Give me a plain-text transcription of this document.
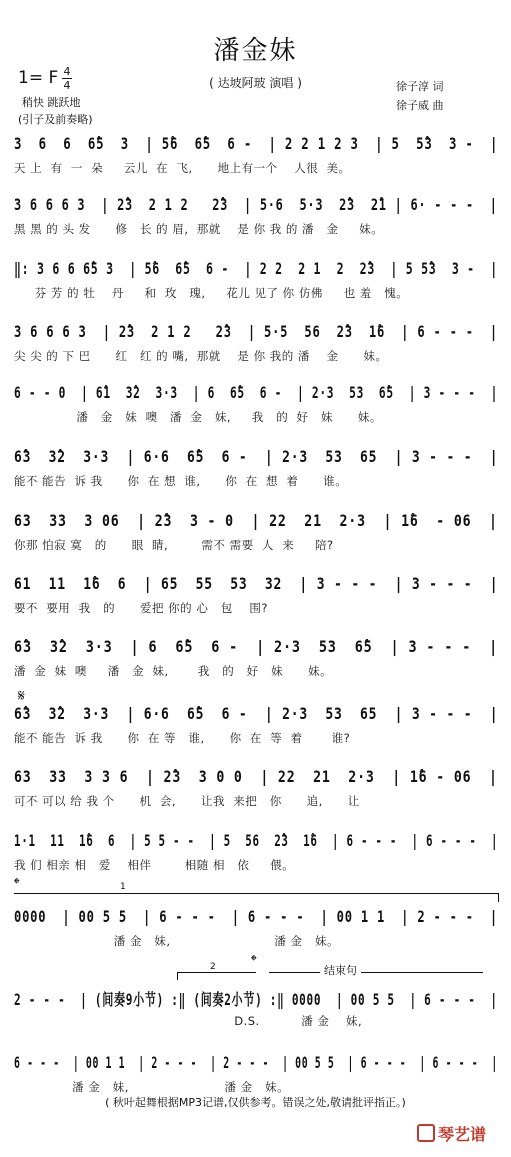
潘金妹
1= F 4
4	( 达坡阿玻 演唱 )	徐子淳 词
徐子威 曲
稍快 跳跃地
(引子及前奏略)
3  6  6  6̂5  3  | 5̂6  6̂5  6 -  | 2 2 1 2 3  | 5  5̂3  3 -  |
天 上  有  一  朵     云儿  在  飞,      地上有一个    人很  美。
3 6 6 6 3  | 2̂3  2 1 2   2̂3  | 5·6  5·3  2̂3  2̂1 | 6· - - -  |
黑 黑 的 头 发      修   长 的 眉,  那就    是 你 我 的 潘   金     妹。
‖: 3 6 6 6̂5 3  | 5̂6  6̂5  6 -  | 2 2  2 1  2  2̂3  | 5 5̂3  3 -  |
芬 芳 的 牡    丹     和  玫   瑰,     花儿 见了 你 仿佛     也 羞   愧。
3 6 6 6 3  | 2̂3  2 1 2   2̂3  | 5·5  56  2̂3  1̂6  | 6 - - -  |
尖 尖 的 下 巴      红   红 的 嘴,  那就    是 你 我的 潘    金      妹。
6 - - 0  | 6̂1  3̂2  3·3  | 6  6̂5  6 -  | 2·3  53  6̂5  | 3 - - -  |
潘   金   妹  噢   潘  金   妹,     我   的  好   妹      妹。
6̂3  3̂2  3·3  | 6·6  6̂5  6 -  | 2·3  53  65  | 3 - - -  |
能不 能告  诉 我      你  在 想  谁,      你  在  想  着      谁。
63  33  3 06  | 2̂3  3 - 0  | 22  21  2·3  | 1̂6  - 06  |
你那 怕寂 寞   的      眼  睛,        需不 需要  人  来     陪?
61  11  1̂6  6  | 65  55  53  32  | 3 - - -  | 3 - - -  |
要不  要用  我   的      爱把 你的 心   包    围?
6̂3  3̂2  3·3  | 6  6̂5  6 -  | 2·3  53  6̂5  | 3 - - -  |
潘  金  妹  噢     潘   金  妹,       我   的   好   妹      妹。
6̂3  3̂2  3·3  | 6·6  6̂5  6 -  | 2·3  53  65  | 3 - - -  |
能不 能告  诉 我      你  在 等   谁,      你  在  等  着       谁?
63  33  3 3 6  | 2̂3  3 0 0  | 22  21  2·3  | 1̂6 - 06  |
可不 可以 给 我 个      机  会,      让我  来把   你      追,      让
1·1  11  1̂6  6  | 5 5 - -  | 5  56  2̂3  1̂6  | 6 - - -  | 6 - - -  |
我 们 相亲 相   爱    相伴        相随 相   依     偎。
0000  | 00 5 5  | 6 - - -  | 6 - - -  | 00 1 1  | 2 - - -  |
潘 金   妹,                         潘 金   妹。
2 - - -  | (间奏9小节) :‖ (间奏2小节) :‖ 0000  | 00 5 5  | 6 - - -  |
D.S.          潘 金    妹,
6 - - -  | 00 1 1  | 2 - - -  | 2 - - -  | 00 5 5  | 6 - - -  | 6 - - -  |
潘 金   妹,                       潘 金   妹。
𝄋
𝄌
𝄌
1
2	结束句
( 秋叶起舞根据MP3记谱,仅供参考。错误之处,敬请批评指正。)
琴艺谱
